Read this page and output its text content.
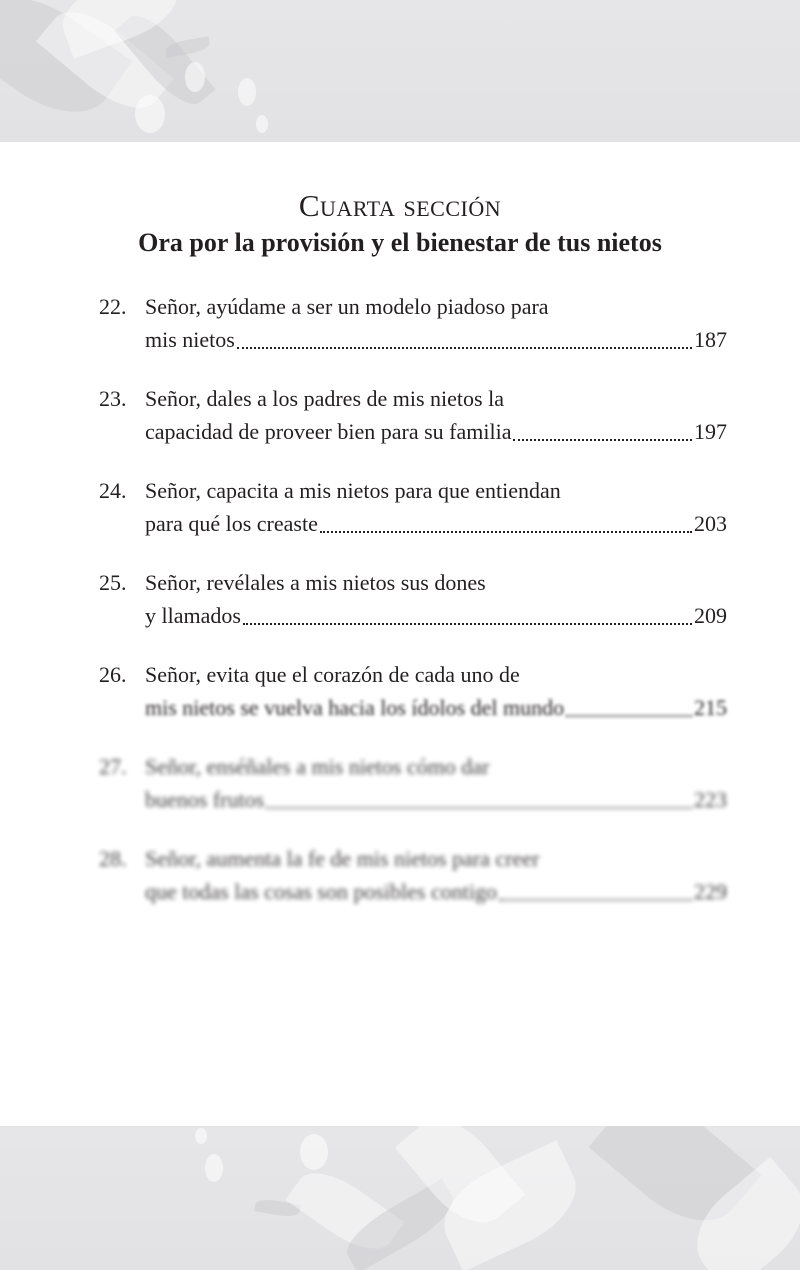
Cuarta sección
Ora por la provisión y el bienestar de tus nietos
22. Señor, ayúdame a ser un modelo piadoso para
mis nietos	187
23. Señor, dales a los padres de mis nietos la
capacidad de proveer bien para su familia	197
24. Señor, capacita a mis nietos para que entiendan
para qué los creaste	203
25. Señor, revélales a mis nietos sus dones
y llamados	209
26. Señor, evita que el corazón de cada uno de
mis nietos se vuelva hacia los ídolos del mundo	215
27. Señor, enséñales a mis nietos cómo dar
buenos frutos	223
28. Señor, aumenta la fe de mis nietos para creer
que todas las cosas son posibles contigo	229
